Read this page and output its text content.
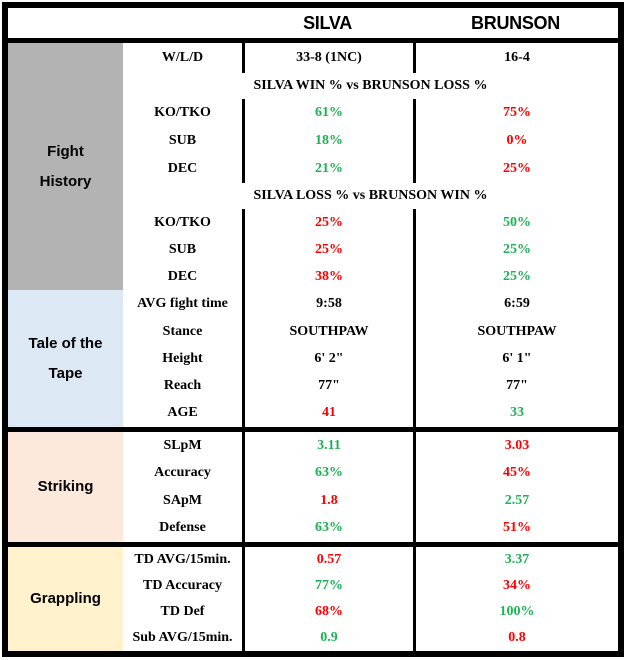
SILVA	BRUNSON
Fight History
W/L/D	33-8 (1NC)	16-4
SILVA WIN % vs BRUNSON LOSS %
KO/TKO	61%	75%
SUB	18%	0%
DEC	21%	25%
SILVA LOSS % vs BRUNSON WIN %
KO/TKO	25%	50%
SUB	25%	25%
DEC	38%	25%
Tale of the Tape
AVG fight time	9:58	6:59
Stance	SOUTHPAW	SOUTHPAW
Height	6' 2"	6' 1"
Reach	77"	77"
AGE	41	33
Striking
SLpM	3.11	3.03
Accuracy	63%	45%
SApM	1.8	2.57
Defense	63%	51%
Grappling
TD AVG/15min.	0.57	3.37
TD Accuracy	77%	34%
TD Def	68%	100%
Sub AVG/15min.	0.9	0.8
